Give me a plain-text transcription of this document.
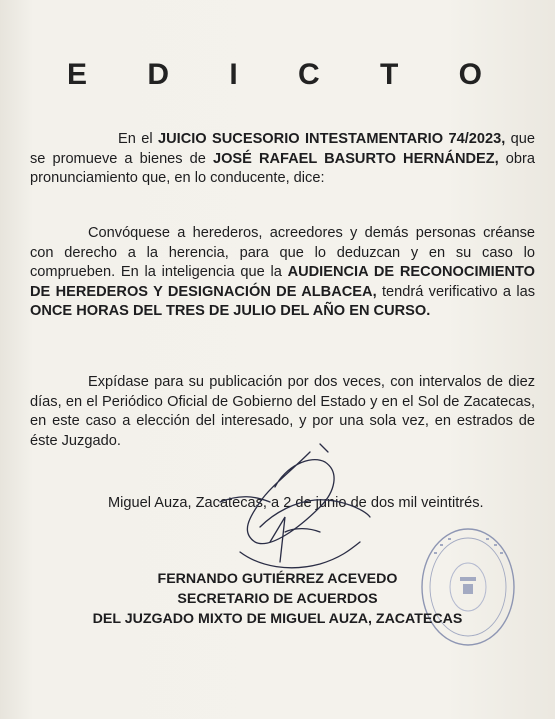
E D I C T O
En el JUICIO SUCESORIO INTESTAMENTARIO 74/2023, que se promueve a bienes de JOSÉ RAFAEL BASURTO HERNÁNDEZ, obra pronunciamiento que, en lo conducente, dice:
Convóquese a herederos, acreedores y demás personas créanse con derecho a la herencia, para que lo deduzcan y en su caso lo comprueben. En la inteligencia que la AUDIENCIA DE RECONOCIMIENTO DE HEREDEROS Y DESIGNACIÓN DE ALBACEA, tendrá verificativo a las ONCE HORAS DEL TRES DE JULIO DEL AÑO EN CURSO.
Expídase para su publicación por dos veces, con intervalos de diez días, en el Periódico Oficial de Gobierno del Estado y en el Sol de Zacatecas, en este caso a elección del interesado, y por una sola vez, en estrados de éste Juzgado.
Miguel Auza, Zacatecas, a 2 de junio de dos mil veintitrés.
FERNANDO GUTIÉRREZ ACEVEDO
SECRETARIO DE ACUERDOS
DEL JUZGADO MIXTO DE MIGUEL AUZA, ZACATECAS
